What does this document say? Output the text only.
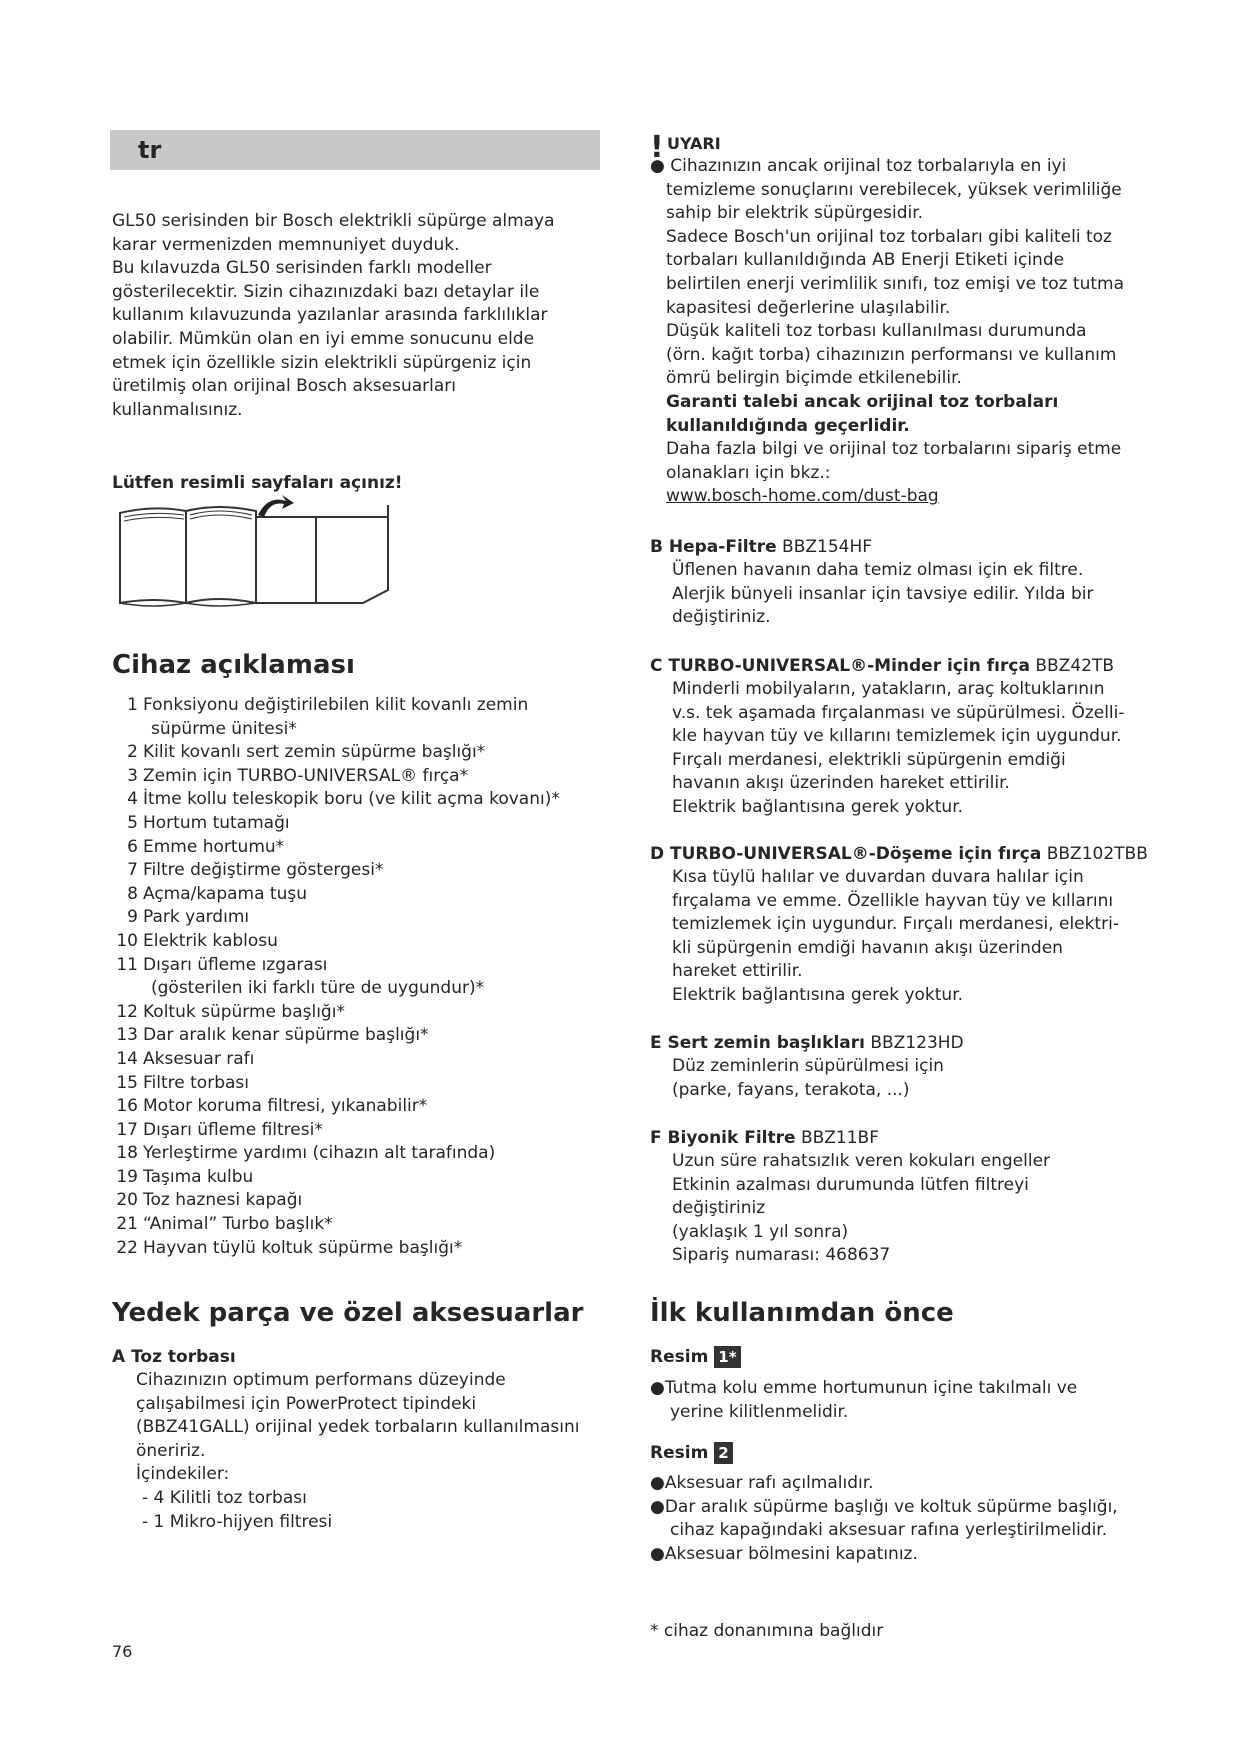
tr

GL50 serisinden bir Bosch elektrikli süpürge almaya

karar vermenizden memnuniyet duyduk.

Bu kılavuzda GL50 serisinden farklı modeller

gösterilecektir. Sizin cihazınızdaki bazı detaylar ile

kullanım kılavuzunda yazılanlar arasında farklılıklar

olabilir. Mümkün olan en iyi emme sonucunu elde

etmek için özellikle sizin elektrikli süpürgeniz için

üretilmiş olan orijinal Bosch aksesuarları

kullanmalısınız.

Lütfen resimli sayfaları açınız!

Cihaz açıklaması
1 Fonksiyonu değiştirilebilen kilit kovanlı zemin
süpürme ünitesi*
2 Kilit kovanlı sert zemin süpürme başlığı*
3 Zemin için TURBO-UNIVERSAL® fırça*
4 İtme kollu teleskopik boru (ve kilit açma kovanı)*
5 Hortum tutamağı
6 Emme hortumu*
7 Filtre değiştirme göstergesi*
8 Açma/kapama tuşu
9 Park yardımı
10 Elektrik kablosu
11 Dışarı üfleme ızgarası
(gösterilen iki farklı türe de uygundur)*
12 Koltuk süpürme başlığı*
13 Dar aralık kenar süpürme başlığı*
14 Aksesuar rafı
15 Filtre torbası
16 Motor koruma filtresi, yıkanabilir*
17 Dışarı üfleme filtresi*
18 Yerleştirme yardımı (cihazın alt tarafında)
19 Taşıma kulbu
20 Toz haznesi kapağı
21 “Animal” Turbo başlık*
22 Hayvan tüylü koltuk süpürme başlığı*
Yedek parça ve özel aksesuarlar

A Toz torbası

Cihazınızın optimum performans düzeyinde

çalışabilmesi için PowerProtect tipindeki

(BBZ41GALL) orijinal yedek torbaların kullanılmasını

öneririz.

İçindekiler:

- 4 Kilitli toz torbası

- 1 Mikro-hijyen filtresi

! UYARI

● Cihazınızın ancak orijinal toz torbalarıyla en iyi

temizleme sonuçlarını verebilecek, yüksek verimliliğe

sahip bir elektrik süpürgesidir.

Sadece Bosch'un orijinal toz torbaları gibi kaliteli toz

torbaları kullanıldığında AB Enerji Etiketi içinde

belirtilen enerji verimlilik sınıfı, toz emişi ve toz tutma

kapasitesi değerlerine ulaşılabilir.

Düşük kaliteli toz torbası kullanılması durumunda

(örn. kağıt torba) cihazınızın performansı ve kullanım

ömrü belirgin biçimde etkilenebilir.

Garanti talebi ancak orijinal toz torbaları

kullanıldığında geçerlidir.

Daha fazla bilgi ve orijinal toz torbalarını sipariş etme

olanakları için bkz.:

www.bosch-home.com/dust-bag

B Hepa-Filtre BBZ154HF

Üflenen havanın daha temiz olması için ek filtre.

Alerjik bünyeli insanlar için tavsiye edilir. Yılda bir

değiştiriniz.

C TURBO-UNIVERSAL®-Minder için fırça BBZ42TB

Minderli mobilyaların, yatakların, araç koltuklarının

v.s. tek aşamada fırçalanması ve süpürülmesi. Özelli-

kle hayvan tüy ve kıllarını temizlemek için uygundur.

Fırçalı merdanesi, elektrikli süpürgenin emdiği

havanın akışı üzerinden hareket ettirilir.

Elektrik bağlantısına gerek yoktur.

D TURBO-UNIVERSAL®-Döşeme için fırça BBZ102TBB

Kısa tüylü halılar ve duvardan duvara halılar için

fırçalama ve emme. Özellikle hayvan tüy ve kıllarını

temizlemek için uygundur. Fırçalı merdanesi, elektri-

kli süpürgenin emdiği havanın akışı üzerinden

hareket ettirilir.

Elektrik bağlantısına gerek yoktur.

E Sert zemin başlıkları BBZ123HD

Düz zeminlerin süpürülmesi için

(parke, fayans, terakota, ...)

F Biyonik Filtre BBZ11BF

Uzun süre rahatsızlık veren kokuları engeller

Etkinin azalması durumunda lütfen filtreyi

değiştiriniz

(yaklaşık 1 yıl sonra)

Sipariş numarası: 468637

İlk kullanımdan önce

Resim 1*

●Tutma kolu emme hortumunun içine takılmalı ve

yerine kilitlenmelidir.

Resim 2

●Aksesuar rafı açılmalıdır.

●Dar aralık süpürme başlığı ve koltuk süpürme başlığı,

cihaz kapağındaki aksesuar rafına yerleştirilmelidir.

●Aksesuar bölmesini kapatınız.

76

* cihaz donanımına bağlıdır
